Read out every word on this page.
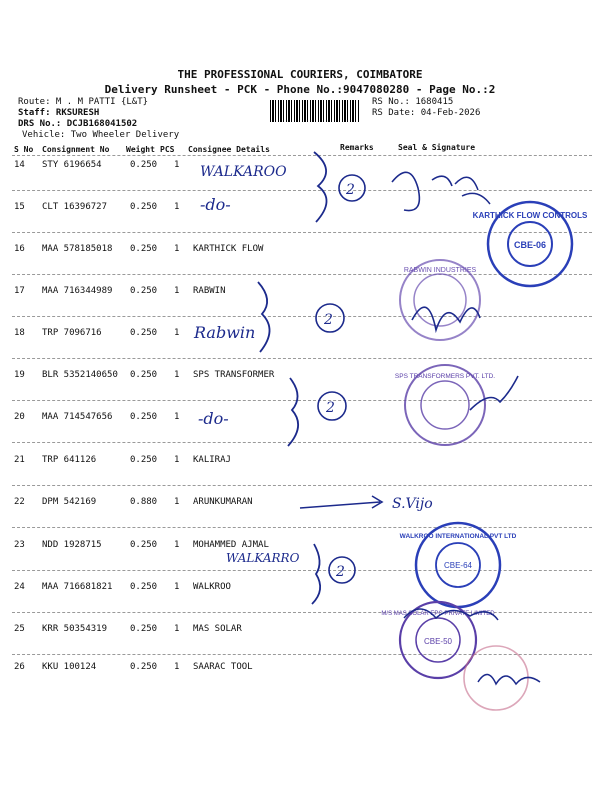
THE PROFESSIONAL COURIERS, COIMBATORE
Delivery Runsheet - PCK - Phone No.:9047080280 - Page No.:2
Route: M . M PATTI {L&T}
Staff: RKSURESH
DRS No.: DCJB168041502
Vehicle: Two Wheeler Delivery
RS No.: 1680415
RS Date: 04-Feb-2026
S No Consignment No Weight PCS Consignee Details	Remarks	Seal & Signature
14 STY 6196654	0.250 1
15 CLT 16396727	0.250 1
16 MAA 578185018 0.250 1 KARTHICK FLOW
17 MAA 716344989 0.250 1 RABWIN
18 TRP 7096716	0.250 1
19 BLR 5352140650 0.250 1 SPS TRANSFORMER
20 MAA 714547656 0.250 1
21 TRP 641126	0.250 1 KALIRAJ
22 DPM 542169	0.880 1 ARUNKUMARAN
23 NDD 1928715	0.250 1 MOHAMMED AJMAL
24 MAA 716681821 0.250 1 WALKROO
25 KRR 50354319	0.250 1 MAS SOLAR
26 KKU 100124	0.250 1 SAARAC TOOL
WALKAROO
-do-
2
KARTHICK FLOW CONTROLS
CBE-06
2
Rabwin
RABWIN INDUSTRIES
2
-do-
SPS TRANSFORMERS PVT. LTD.
S.Vijo
WALKARRO
2
WALKROO INTERNATIONAL PVT LTD
CBE-64
M/S MAS SOLAR EPC PRIVATE LIMITED
CBE-50
